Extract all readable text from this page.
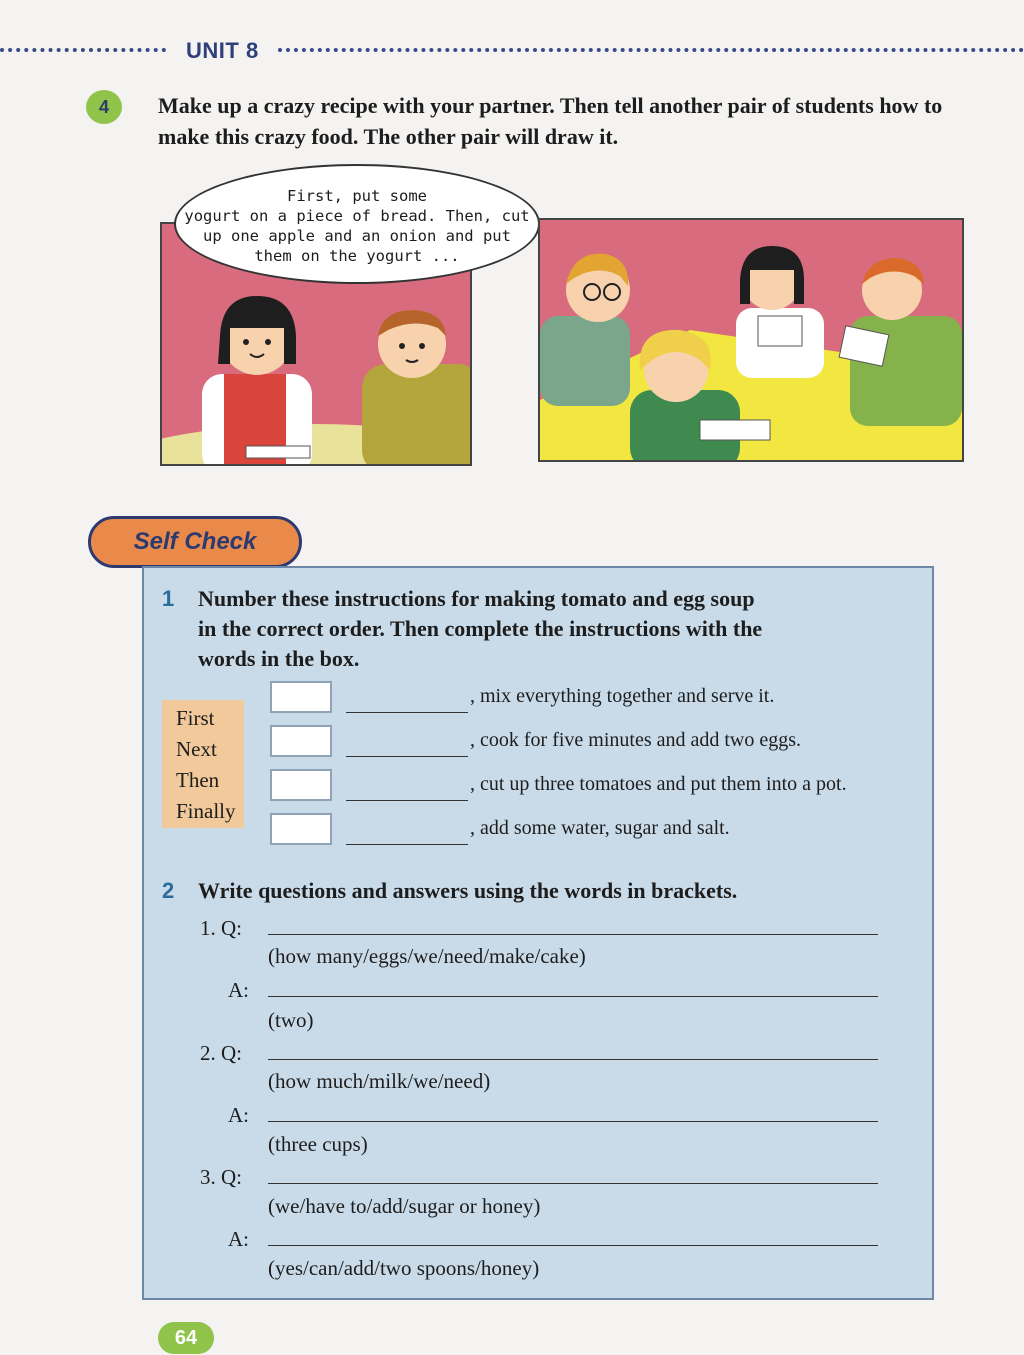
UNIT 8
4	Make up a crazy recipe with your partner. Then tell another pair of students how to make this crazy food. The other pair will draw it.
First, put some
yogurt on a piece of bread. Then, cut
up one apple and an onion and put
them on the yogurt ...
Self Check
1 Number these instructions for making tomato and egg soup
in the correct order. Then complete the instructions with the
words in the box.
First
Next
Then
Finally
, mix everything together and serve it.
, cook for five minutes and add two eggs.
, cut up three tomatoes and put them into a pot.
, add some water, sugar and salt.
2 Write questions and answers using the words in brackets.
1. Q:
(how many/eggs/we/need/make/cake)
A:
(two)
2. Q:
(how much/milk/we/need)
A:
(three cups)
3. Q:
(we/have to/add/sugar or honey)
A:
(yes/can/add/two spoons/honey)
64
